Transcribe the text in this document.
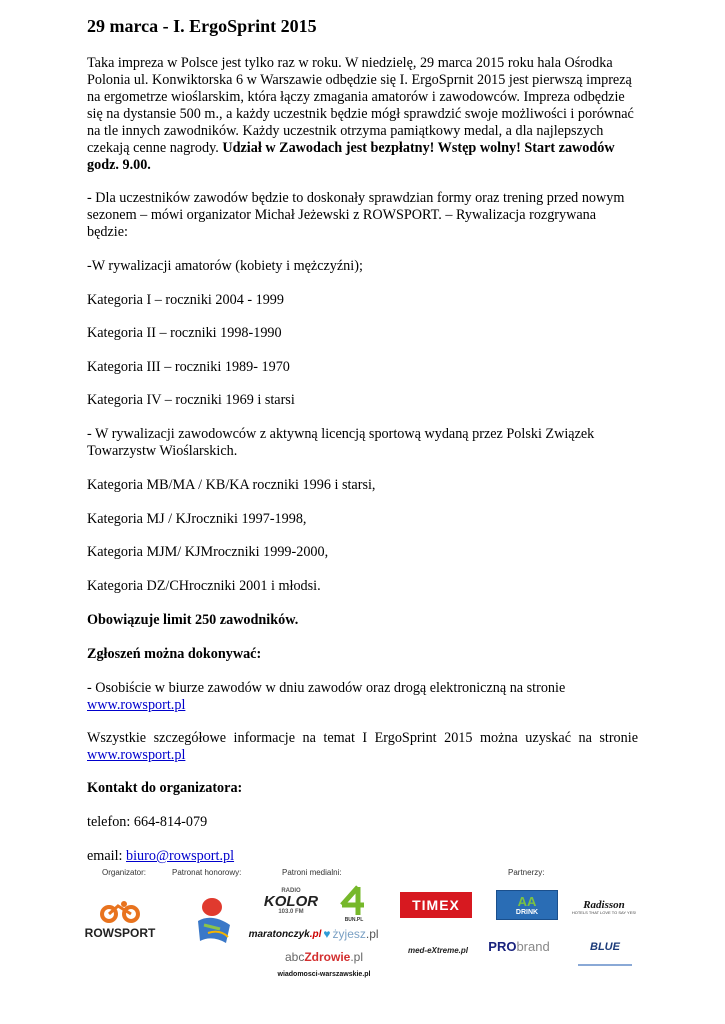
29 marca - I. ErgoSprint 2015

Taka impreza w Polsce jest tylko raz w roku. W niedzielę, 29 marca 2015 roku hala Ośrodka Polonia ul. Konwiktorska 6 w Warszawie odbędzie się I. ErgoSprnit 2015 jest pierwszą imprezą na ergometrze wioślarskim, która łączy zmagania amatorów i zawodowców. Impreza odbędzie się na dystansie 500 m., a każdy uczestnik będzie mógł sprawdzić swoje możliwości i porównać na tle innych zawodników. Każdy uczestnik otrzyma pamiątkowy medal, a dla najlepszych czekają cenne nagrody. Udział w Zawodach jest bezpłatny! Wstęp wolny! Start zawodów godz. 9.00.

- Dla uczestników zawodów będzie to doskonały sprawdzian formy oraz trening przed nowym sezonem – mówi organizator Michał Jeżewski z ROWSPORT. – Rywalizacja rozgrywana będzie:

-W rywalizacji amatorów (kobiety i mężczyźni);

Kategoria I – roczniki 2004 - 1999

Kategoria II – roczniki 1998-1990

Kategoria III – roczniki 1989- 1970

Kategoria IV – roczniki 1969 i starsi

- W rywalizacji zawodowców z aktywną licencją sportową wydaną przez Polski Związek Towarzystw Wioślarskich.

Kategoria MB/MA / KB/KA roczniki 1996 i starsi,

Kategoria MJ / KJroczniki 1997-1998,

Kategoria MJM/ KJMroczniki 1999-2000,

Kategoria DZ/CHroczniki 2001 i młodsi.

Obowiązuje limit 250 zawodników.

Zgłoszeń można dokonywać:

- Osobiście w biurze zawodów w dniu zawodów oraz drogą elektroniczną na stronie
www.rowsport.pl

Wszystkie szczegółowe informacje na temat I ErgoSprint 2015 można uzyskać na stronie
www.rowsport.pl

Kontakt do organizatora:

telefon: 664-814-079

email: biuro@rowsport.pl

Organizator:	Patronat honorowy:	Patroni medialni:	Partnerzy:
ROWSPORT
RADIO
KOLOR
103.0 FM
BUN.PL
maratonczyk .pl ♥ żyjesz .pl
abc Zdrowie .pl
wiadomosci-warszawskie.pl
TIMEX	AA
DRINK
Radisson
HOTELS THAT LOVE TO SAY YES!
med-eXtreme.pl	PRO brand	BLUE
